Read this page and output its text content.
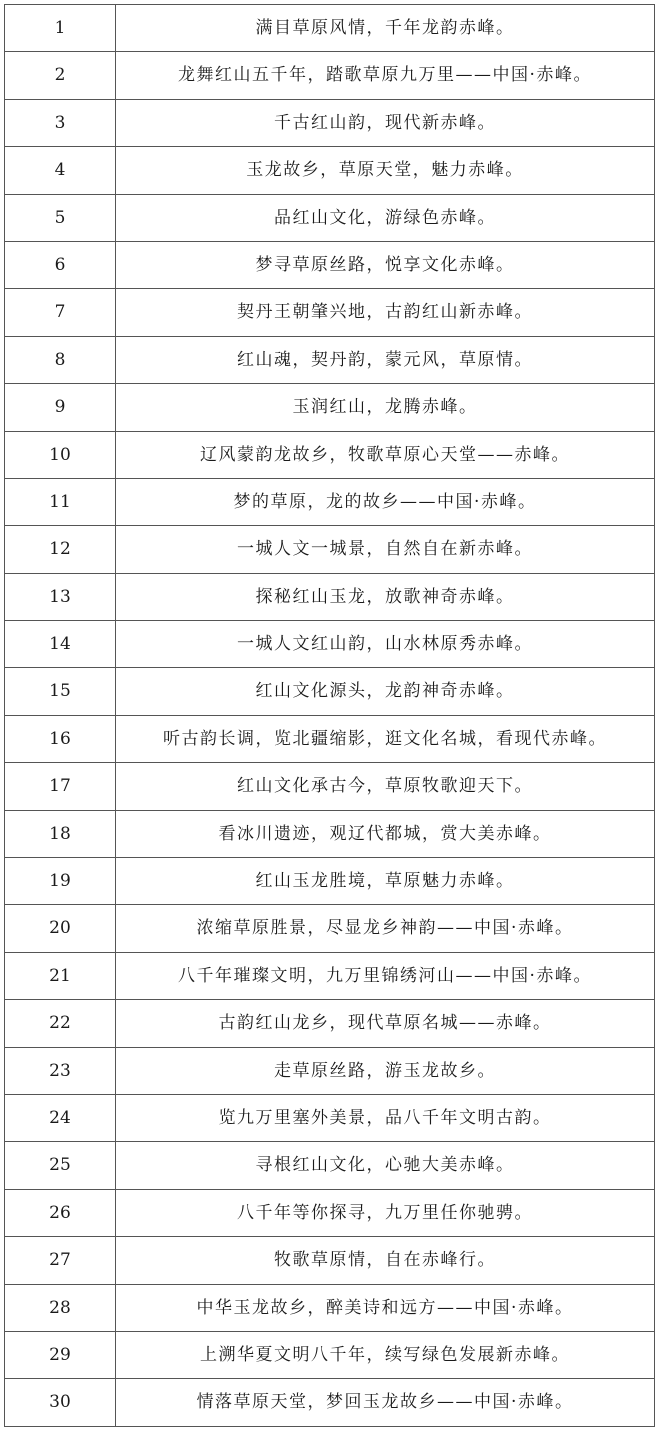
1	满目草原风情，千年龙韵赤峰。
2	龙舞红山五千年，踏歌草原九万里——中国·赤峰。
3	千古红山韵，现代新赤峰。
4	玉龙故乡，草原天堂，魅力赤峰。
5	品红山文化，游绿色赤峰。
6	梦寻草原丝路，悦享文化赤峰。
7	契丹王朝肇兴地，古韵红山新赤峰。
8	红山魂，契丹韵，蒙元风，草原情。
9	玉润红山，龙腾赤峰。
10	辽风蒙韵龙故乡，牧歌草原心天堂——赤峰。
11	梦的草原，龙的故乡——中国·赤峰。
12	一城人文一城景，自然自在新赤峰。
13	探秘红山玉龙，放歌神奇赤峰。
14	一城人文红山韵，山水林原秀赤峰。
15	红山文化源头，龙韵神奇赤峰。
16	听古韵长调，览北疆缩影，逛文化名城，看现代赤峰。
17	红山文化承古今，草原牧歌迎天下。
18	看冰川遗迹，观辽代都城，赏大美赤峰。
19	红山玉龙胜境，草原魅力赤峰。
20	浓缩草原胜景，尽显龙乡神韵——中国·赤峰。
21	八千年璀璨文明，九万里锦绣河山——中国·赤峰。
22	古韵红山龙乡，现代草原名城——赤峰。
23	走草原丝路，游玉龙故乡。
24	览九万里塞外美景，品八千年文明古韵。
25	寻根红山文化，心驰大美赤峰。
26	八千年等你探寻，九万里任你驰骋。
27	牧歌草原情，自在赤峰行。
28	中华玉龙故乡，醉美诗和远方——中国·赤峰。
29	上溯华夏文明八千年，续写绿色发展新赤峰。
30	情落草原天堂，梦回玉龙故乡——中国·赤峰。
